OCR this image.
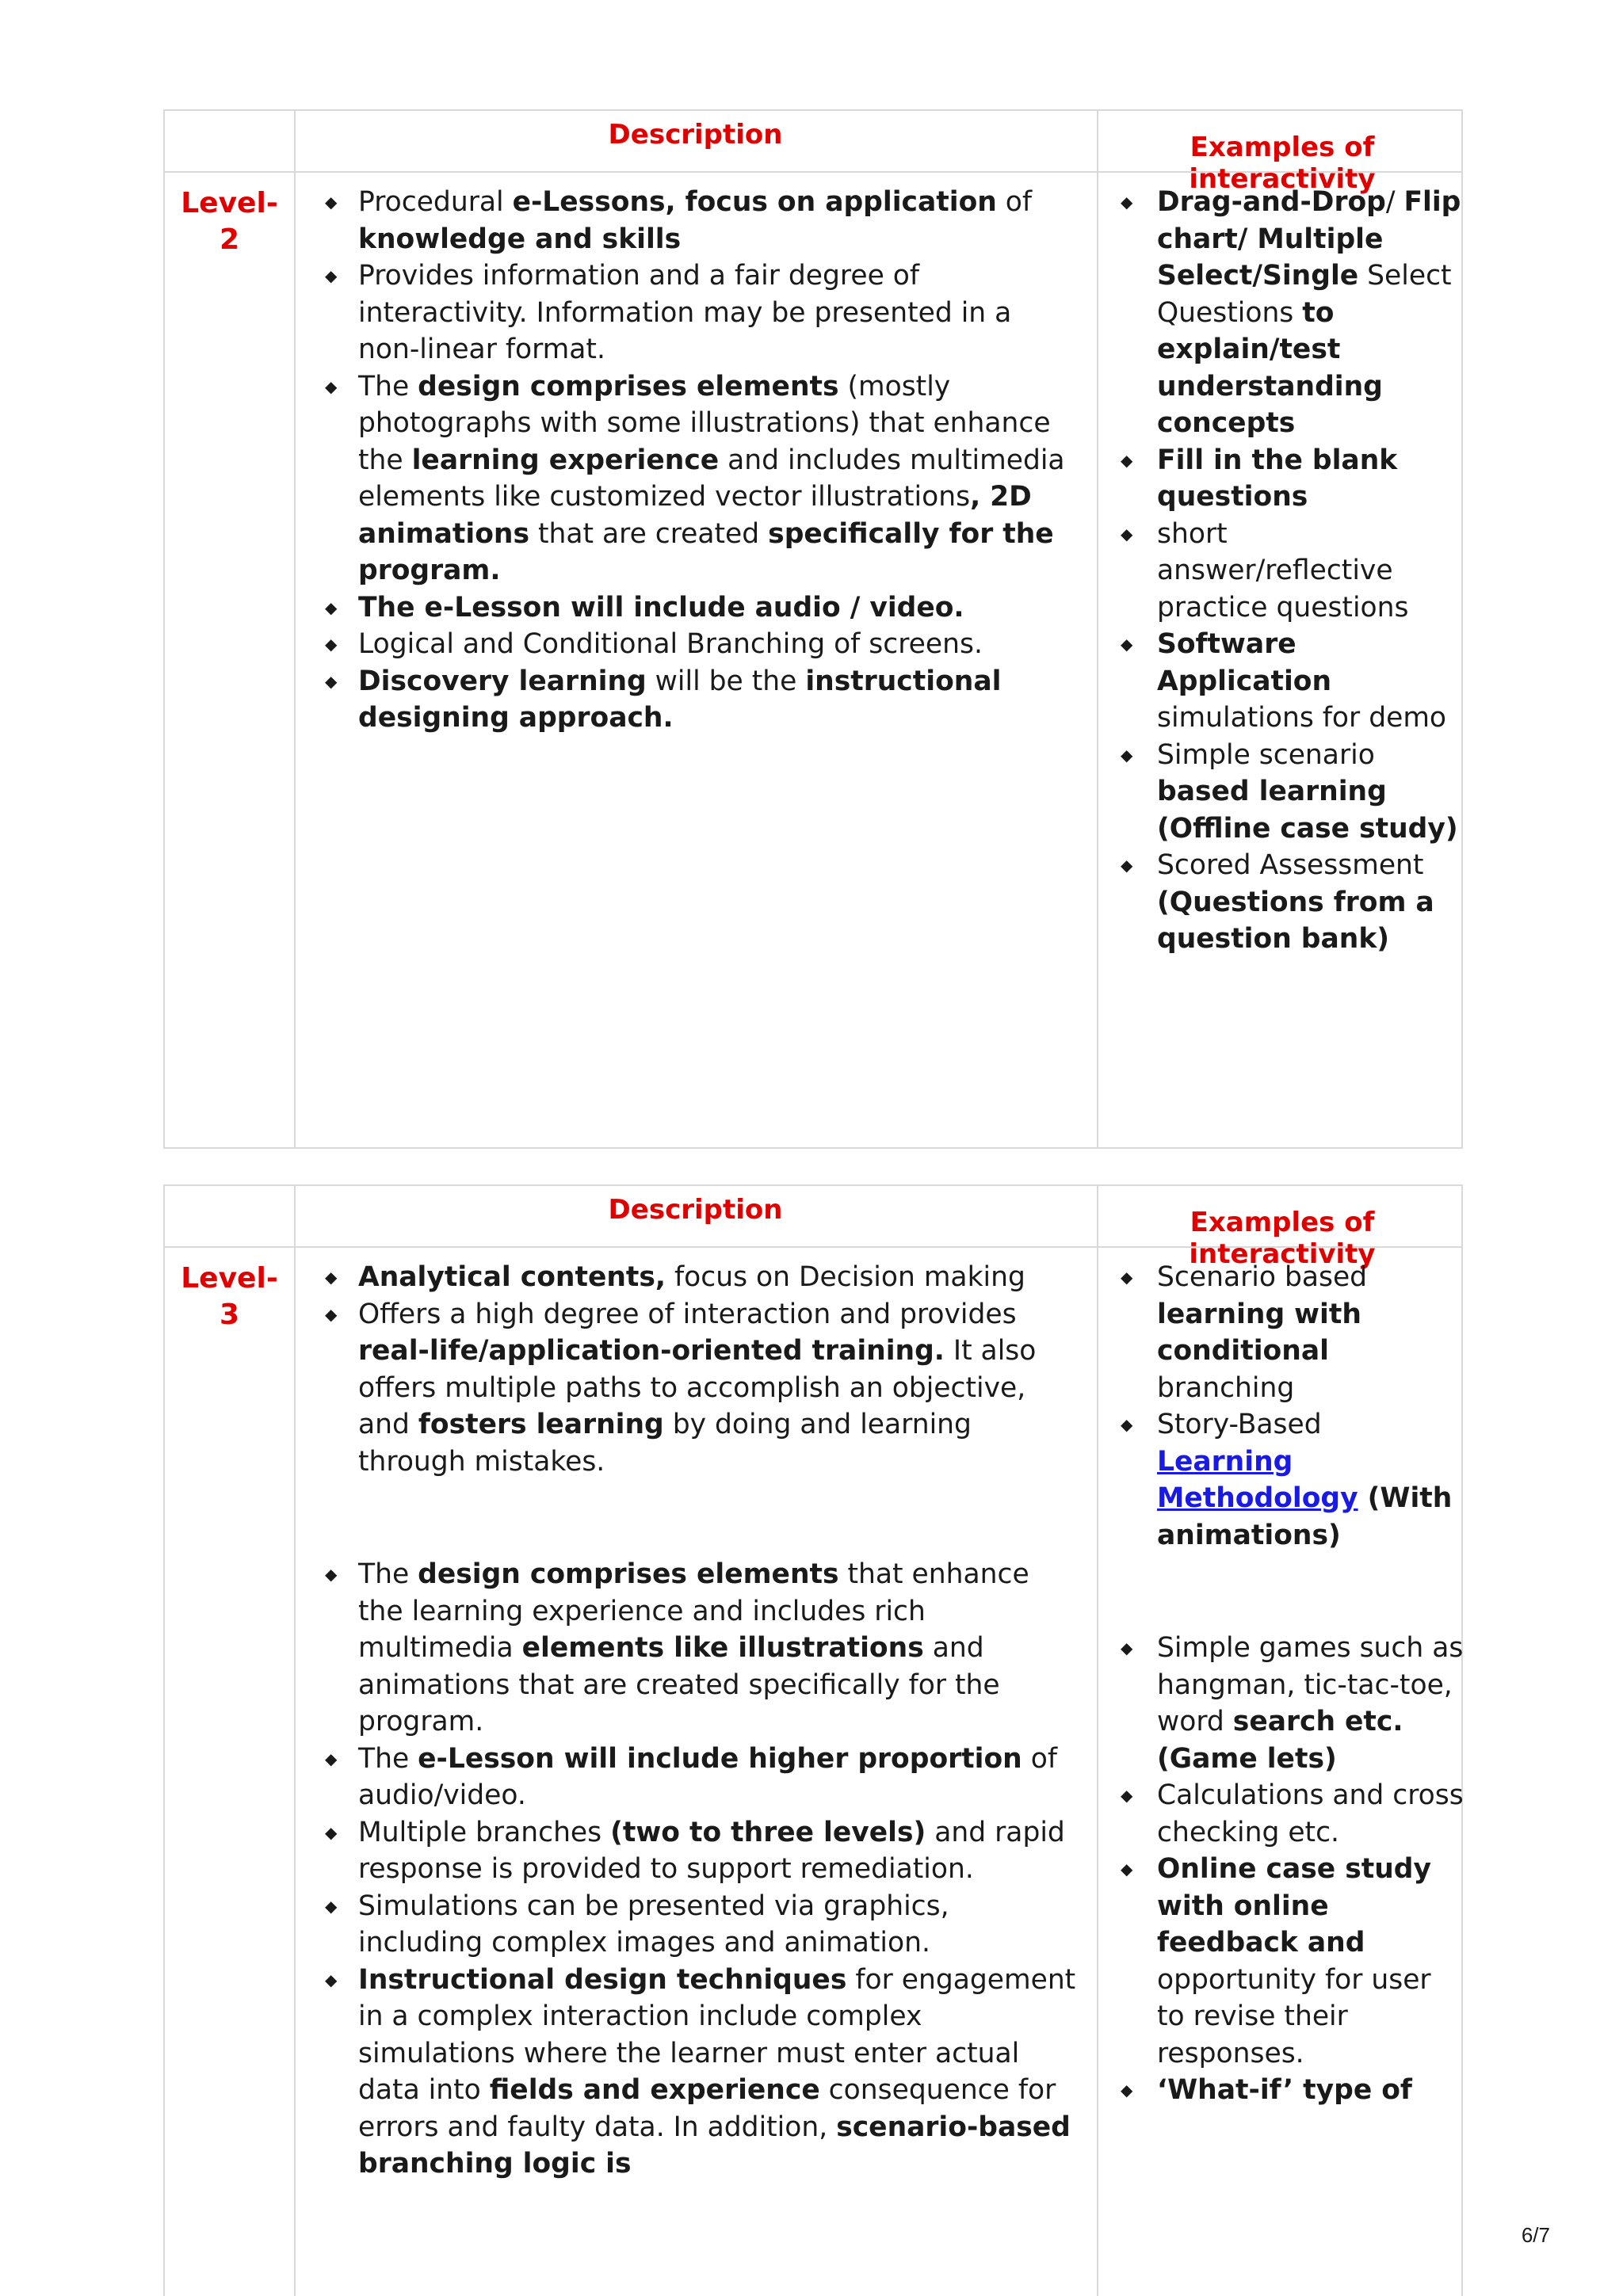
Description	Examples of interactivity
Level-
2
◆ Procedural e-Lessons, focus on application of knowledge and skills
◆ Provides information and a fair degree of interactivity. Information may be presented in a non-linear format.
◆ The design comprises elements (mostly photographs with some illustrations) that enhance the learning experience and includes multimedia elements like customized vector illustrations, 2D animations that are created specifically for the program.
◆ The e-Lesson will include audio / video.
◆ Logical and Conditional Branching of screens.
◆ Discovery learning will be the instructional designing approach.
◆ Drag-and-Drop/ Flip chart/ Multiple Select/Single Select Questions to explain/test understanding concepts
◆ Fill in the blank questions
◆ short answer/reflective practice questions
◆ Software Application simulations for demo
◆ Simple scenario based learning (Offline case study)
◆ Scored Assessment (Questions from a question bank)
Description	Examples of interactivity
Level-
3
◆ Analytical contents, focus on Decision making
◆ Offers a high degree of interaction and provides real-life/application-oriented training. It also offers multiple paths to accomplish an objective, and fosters learning by doing and learning through mistakes.
◆ The design comprises elements that enhance the learning experience and includes rich multimedia elements like illustrations and animations that are created specifically for the program.
◆ The e-Lesson will include higher proportion of audio/video.
◆ Multiple branches (two to three levels) and rapid response is provided to support remediation.
◆ Simulations can be presented via graphics, including complex images and animation.
◆ Instructional design techniques for engagement in a complex interaction include complex simulations where the learner must enter actual data into fields and experience consequence for errors and faulty data. In addition, scenario-based branching logic is
◆ Scenario based learning with conditional branching
◆ Story-Based Learning Methodology (With animations)
◆ Simple games such as hangman, tic-tac-toe, word search etc. (Game lets)
◆ Calculations and cross checking etc.
◆ Online case study with online feedback and opportunity for user to revise their responses.
◆ ‘What-if’ type of
6/7
